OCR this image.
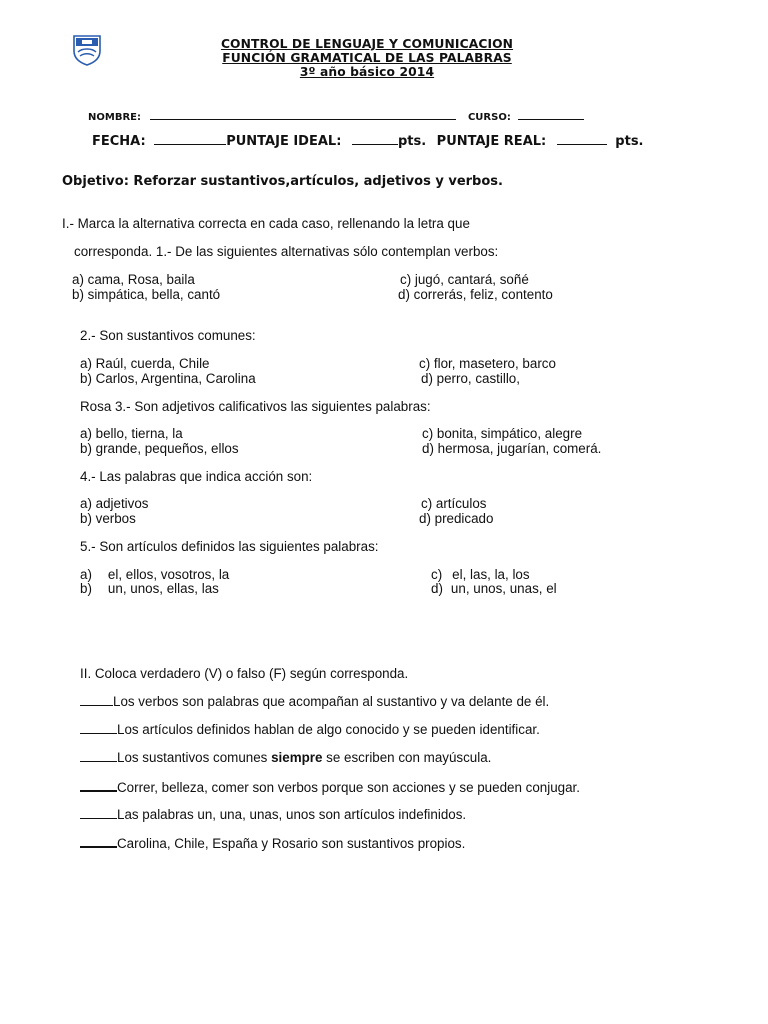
CONTROL DE LENGUAJE Y COMUNICACION
FUNCIÓN GRAMATICAL DE LAS PALABRAS
3º año básico 2014
NOMBRE:	CURSO:
FECHA:	PUNTAJE IDEAL:	pts. PUNTAJE REAL:	pts.
Objetivo: Reforzar sustantivos,artículos, adjetivos y verbos.
I.- Marca la alternativa correcta en cada caso, rellenando la letra que
corresponda. 1.- De las siguientes alternativas sólo contemplan verbos:
a) cama, Rosa, baila
b) simpática, bella, cantó
c) jugó, cantará, soñé
d) correrás, feliz, contento
2.- Son sustantivos comunes:
a) Raúl, cuerda, Chile
b) Carlos, Argentina, Carolina
c) flor, masetero, barco
d) perro, castillo,
Rosa 3.- Son adjetivos calificativos las siguientes palabras:
a) bello, tierna, la
b) grande, pequeños, ellos
c) bonita, simpático, alegre
d) hermosa, jugarían, comerá.
4.- Las palabras que indica acción son:
a) adjetivos
b) verbos
c) artículos
d) predicado
5.- Son artículos definidos las siguientes palabras:
a) el, ellos, vosotros, la
b) un, unos, ellas, las
c) el, las, la, los
d) un, unos, unas, el
II. Coloca verdadero (V) o falso (F) según corresponda.
Los verbos son palabras que acompañan al sustantivo y va delante de él.
Los artículos definidos hablan de algo conocido y se pueden identificar.
Los sustantivos comunes siempre se escriben con mayúscula.
Correr, belleza, comer son verbos porque son acciones y se pueden conjugar.
Las palabras un, una, unas, unos son artículos indefinidos.
Carolina, Chile, España y Rosario son sustantivos propios.
